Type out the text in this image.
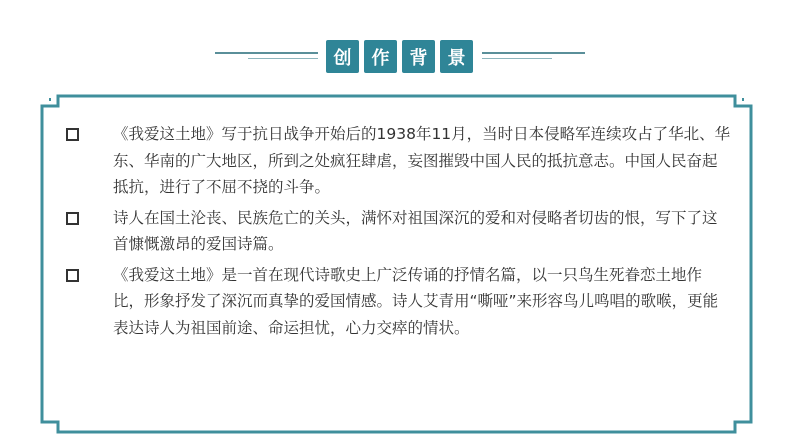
创	作	背	景
《我爱这土地》写于抗日战争开始后的1938年11月，当时日本侵略军连续攻占了华北、华东、华南的广大地区，所到之处疯狂肆虐，妄图摧毁中国人民的抵抗意志。中国人民奋起抵抗，进行了不屈不挠的斗争。
诗人在国土沦丧、民族危亡的关头，满怀对祖国深沉的爱和对侵略者切齿的恨，写下了这首慷慨激昂的爱国诗篇。
《我爱这土地》是一首在现代诗歌史上广泛传诵的抒情名篇，以一只鸟生死眷恋土地作比，形象抒发了深沉而真挚的爱国情感。诗人艾青用“嘶哑”来形容鸟儿鸣唱的歌喉，更能表达诗人为祖国前途、命运担忧，心力交瘁的情状。
